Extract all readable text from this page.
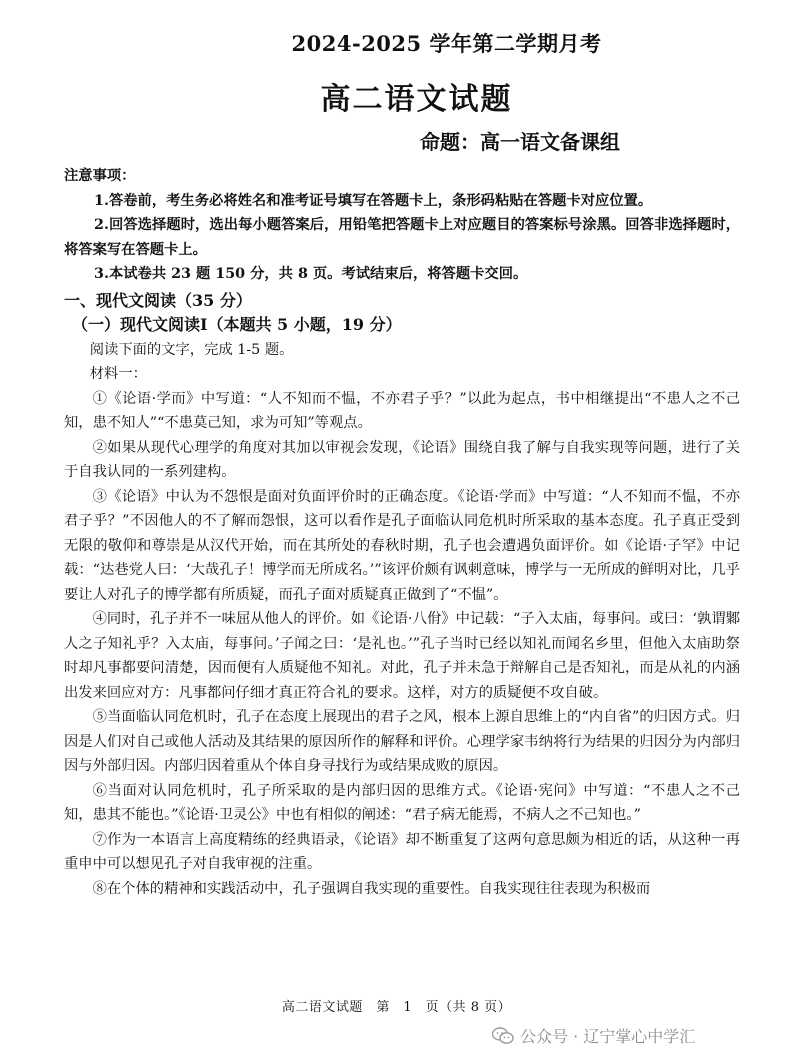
2024-2025 学年第二学期月考
高二语文试题
命题：高一语文备课组

注意事项：

1.答卷前，考生务必将姓名和准考证号填写在答题卡上，条形码粘贴在答题卡对应位置。

2.回答选择题时，选出每小题答案后，用铅笔把答题卡上对应题目的答案标号涂黑。回答非选择题时，将答案写在答题卡上。

3.本试卷共 23 题 150 分，共 8 页。考试结束后，将答题卡交回。

一、现代文阅读（35 分）

（一）现代文阅读Ⅰ（本题共 5 小题，19 分）

阅读下面的文字，完成 1-5 题。

材料一：

①《论语·学而》中写道：“人不知而不愠，不亦君子乎？”以此为起点，书中相继提出“不患人之不己知，患不知人”“不患莫己知，求为可知”等观点。

②如果从现代心理学的角度对其加以审视会发现，《论语》围绕自我了解与自我实现等问题，进行了关于自我认同的一系列建构。

③《论语》中认为不怨恨是面对负面评价时的正确态度。《论语·学而》中写道：“人不知而不愠，不亦君子乎？”不因他人的不了解而怨恨，这可以看作是孔子面临认同危机时所采取的基本态度。孔子真正受到无限的敬仰和尊崇是从汉代开始，而在其所处的春秋时期，孔子也会遭遇负面评价。如《论语·子罕》中记载：“达巷党人曰：‘大哉孔子！博学而无所成名。’”该评价颇有讽刺意味，博学与一无所成的鲜明对比，几乎要让人对孔子的博学都有所质疑，而孔子面对质疑真正做到了“不愠”。

④同时，孔子并不一味屈从他人的评价。如《论语·八佾》中记载：“子入太庙，每事问。或曰：‘孰谓鄹人之子知礼乎？入太庙，每事问。’子闻之曰：‘是礼也。’”孔子当时已经以知礼而闻名乡里，但他入太庙助祭时却凡事都要问清楚，因而便有人质疑他不知礼。对此，孔子并未急于辩解自己是否知礼，而是从礼的内涵出发来回应对方：凡事都问仔细才真正符合礼的要求。这样，对方的质疑便不攻自破。

⑤当面临认同危机时，孔子在态度上展现出的君子之风，根本上源自思维上的“内自省”的归因方式。归因是人们对自己或他人活动及其结果的原因所作的解释和评价。心理学家韦纳将行为结果的归因分为内部归因与外部归因。内部归因着重从个体自身寻找行为或结果成败的原因。

⑥当面对认同危机时，孔子所采取的是内部归因的思维方式。《论语·宪问》中写道：“不患人之不己知，患其不能也。”《论语·卫灵公》中也有相似的阐述：“君子病无能焉，不病人之不己知也。”

⑦作为一本语言上高度精练的经典语录，《论语》却不断重复了这两句意思颇为相近的话，从这种一再重申中可以想见孔子对自我审视的注重。

⑧在个体的精神和实践活动中，孔子强调自我实现的重要性。自我实现往往表现为积极而

高二语文试题　第　1　页（共 8 页）
公众号 · 辽宁掌心中学汇
